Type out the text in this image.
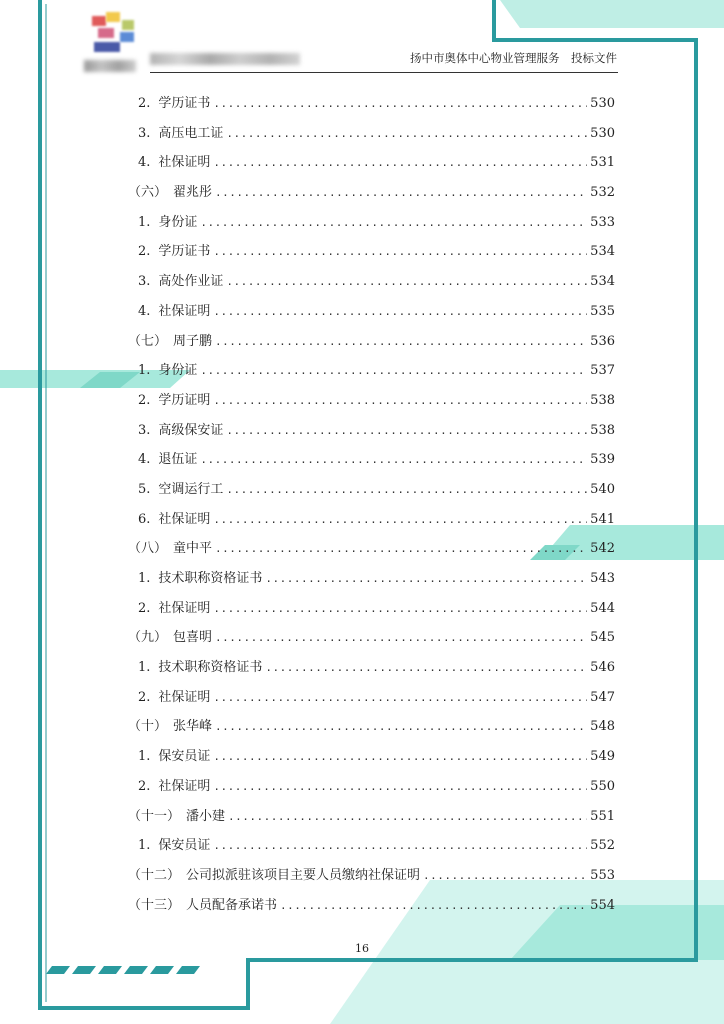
扬中市奥体中心物业管理服务　投标文件
2. 学历证书 .....	530
3. 高压电工证 .....	530
4. 社保证明 .....	531
（六） 翟兆彤 .....	532
1. 身份证 .....	533
2. 学历证书 .....	534
3. 高处作业证 .....	534
4. 社保证明 .....	535
（七） 周子鹏 .....	536
1. 身份证 .....	537
2. 学历证明 .....	538
3. 高级保安证 .....	538
4. 退伍证 .....	539
5. 空调运行工 .....	540
6. 社保证明 .....	541
（八） 童中平 .....	542
1. 技术职称资格证书 .....	543
2. 社保证明 .....	544
（九） 包喜明 .....	545
1. 技术职称资格证书 .....	546
2. 社保证明 .....	547
（十） 张华峰 .....	548
1. 保安员证 .....	549
2. 社保证明 .....	550
（十一） 潘小建 .....	551
1. 保安员证 .....	552
（十二） 公司拟派驻该项目主要人员缴纳社保证明 .....	553
（十三） 人员配备承诺书 .....	554
16
